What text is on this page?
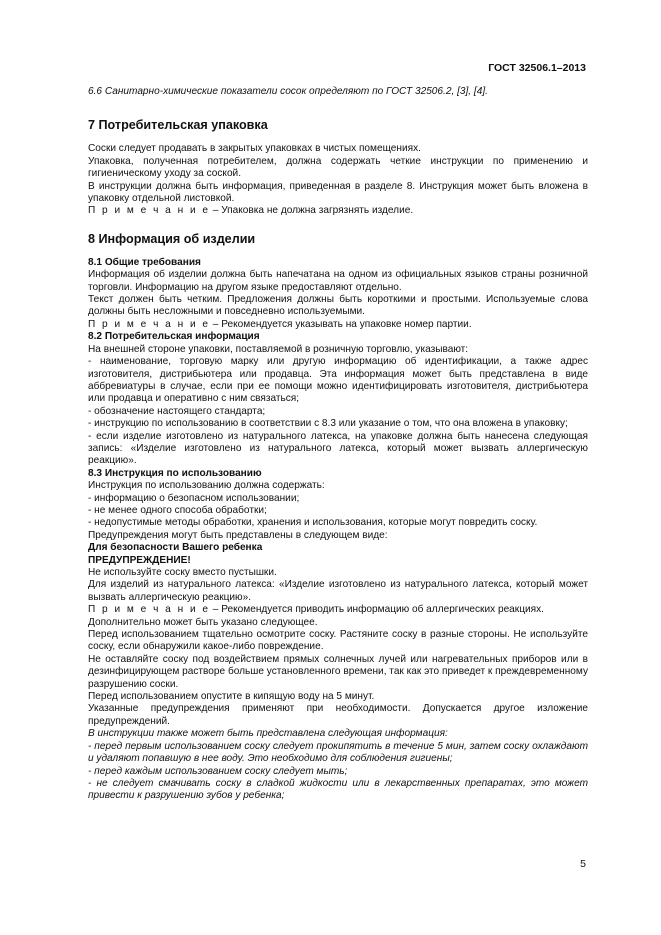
ГОСТ 32506.1–2013

6.6 Санитарно-химические показатели сосок определяют по ГОСТ 32506.2, [3], [4].

7 Потребительская упаковка

Соски следует продавать в закрытых упаковках в чистых помещениях.

Упаковка, полученная потребителем, должна содержать четкие инструкции по применению и гигиеническому уходу за соской.

В инструкции должна быть информация, приведенная в разделе 8. Инструкция может быть вложена в упаковку отдельной листовкой.

П р и м е ч а н и е – Упаковка не должна загрязнять изделие.

8 Информация об изделии
8.1 Общие требования

Информация об изделии должна быть напечатана на одном из официальных языков страны розничной торговли. Информацию на другом языке предоставляют отдельно.

Текст должен быть четким. Предложения должны быть короткими и простыми. Используемые слова должны быть несложными и повседневно используемыми.

П р и м е ч а н и е – Рекомендуется указывать на упаковке номер партии.

8.2 Потребительская информация

На внешней стороне упаковки, поставляемой в розничную торговлю, указывают:

- наименование, торговую марку или другую информацию об идентификации, а также адрес изготовителя, дистрибьютера или продавца. Эта информация может быть представлена в виде аббревиатуры в случае, если при ее помощи можно идентифицировать изготовителя, дистрибьютера или продавца и оперативно с ним связаться;

- обозначение настоящего стандарта;

- инструкцию по использованию в соответствии с 8.3 или указание о том, что она вложена в упаковку;

- если изделие изготовлено из натурального латекса, на упаковке должна быть нанесена следующая запись: «Изделие изготовлено из натурального латекса, который может вызвать аллергическую реакцию».

8.3 Инструкция по использованию

Инструкция по использованию должна содержать:

- информацию о безопасном использовании;

- не менее одного способа обработки;

- недопустимые методы обработки, хранения и использования, которые могут повредить соску.

Предупреждения могут быть представлены в следующем виде:

Для безопасности Вашего ребенка

ПРЕДУПРЕЖДЕНИЕ!

Не используйте соску вместо пустышки.

Для изделий из натурального латекса: «Изделие изготовлено из натурального латекса, который может вызвать аллергическую реакцию».

П р и м е ч а н и е – Рекомендуется приводить информацию об аллергических реакциях.

Дополнительно может быть указано следующее.

Перед использованием тщательно осмотрите соску. Растяните соску в разные стороны. Не используйте соску, если обнаружили какое-либо повреждение.

Не оставляйте соску под воздействием прямых солнечных лучей или нагревательных приборов или в дезинфицирующем растворе больше установленного времени, так как это приведет к преждевременному разрушению соски.

Перед использованием опустите в кипящую воду на 5 минут.

Указанные предупреждения применяют при необходимости. Допускается другое изложение предупреждений.

В инструкции также может быть представлена следующая информация:

- перед первым использованием соску следует прокипятить в течение 5 мин, затем соску охлаждают и удаляют попавшую в нее воду. Это необходимо для соблюдения гигиены;

- перед каждым использованием соску следует мыть;

- не следует смачивать соску в сладкой жидкости или в лекарственных препаратах, это может привести к разрушению зубов у ребенка;

5
